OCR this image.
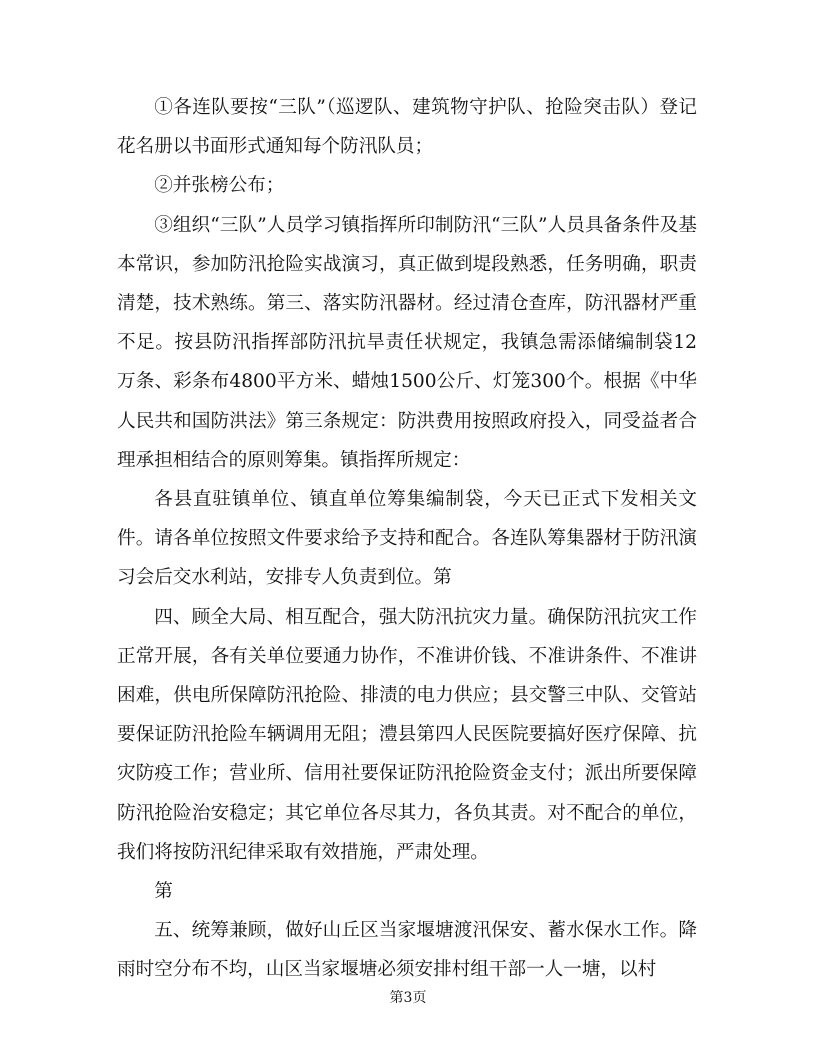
①各连队要按“三队”（巡逻队、建筑物守护队、抢险突击队）登记花名册以书面形式通知每个防汛队员；

②并张榜公布；

③组织“三队”人员学习镇指挥所印制防汛“三队”人员具备条件及基本常识，参加防汛抢险实战演习，真正做到堤段熟悉，任务明确，职责清楚，技术熟练。第三、落实防汛器材。经过清仓查库，防汛器材严重不足。按县防汛指挥部防汛抗旱责任状规定，我镇急需添储编制袋12万条、彩条布4800平方米、蜡烛1500公斤、灯笼300个。根据《中华人民共和国防洪法》第三条规定：防洪费用按照政府投入，同受益者合理承担相结合的原则筹集。镇指挥所规定：

各县直驻镇单位、镇直单位筹集编制袋，今天已正式下发相关文件。请各单位按照文件要求给予支持和配合。各连队筹集器材于防汛演习会后交水利站，安排专人负责到位。第

四、顾全大局、相互配合，强大防汛抗灾力量。确保防汛抗灾工作正常开展，各有关单位要通力协作，不准讲价钱、不准讲条件、不准讲困难，供电所保障防汛抢险、排渍的电力供应；县交警三中队、交管站要保证防汛抢险车辆调用无阻；澧县第四人民医院要搞好医疗保障、抗灾防疫工作；营业所、信用社要保证防汛抢险资金支付；派出所要保障防汛抢险治安稳定；其它单位各尽其力，各负其责。对不配合的单位，我们将按防汛纪律采取有效措施，严肃处理。

第

五、统筹兼顾，做好山丘区当家堰塘渡汛保安、蓄水保水工作。降雨时空分布不均，山区当家堰塘必须安排村组干部一人一塘，以村

第3页
